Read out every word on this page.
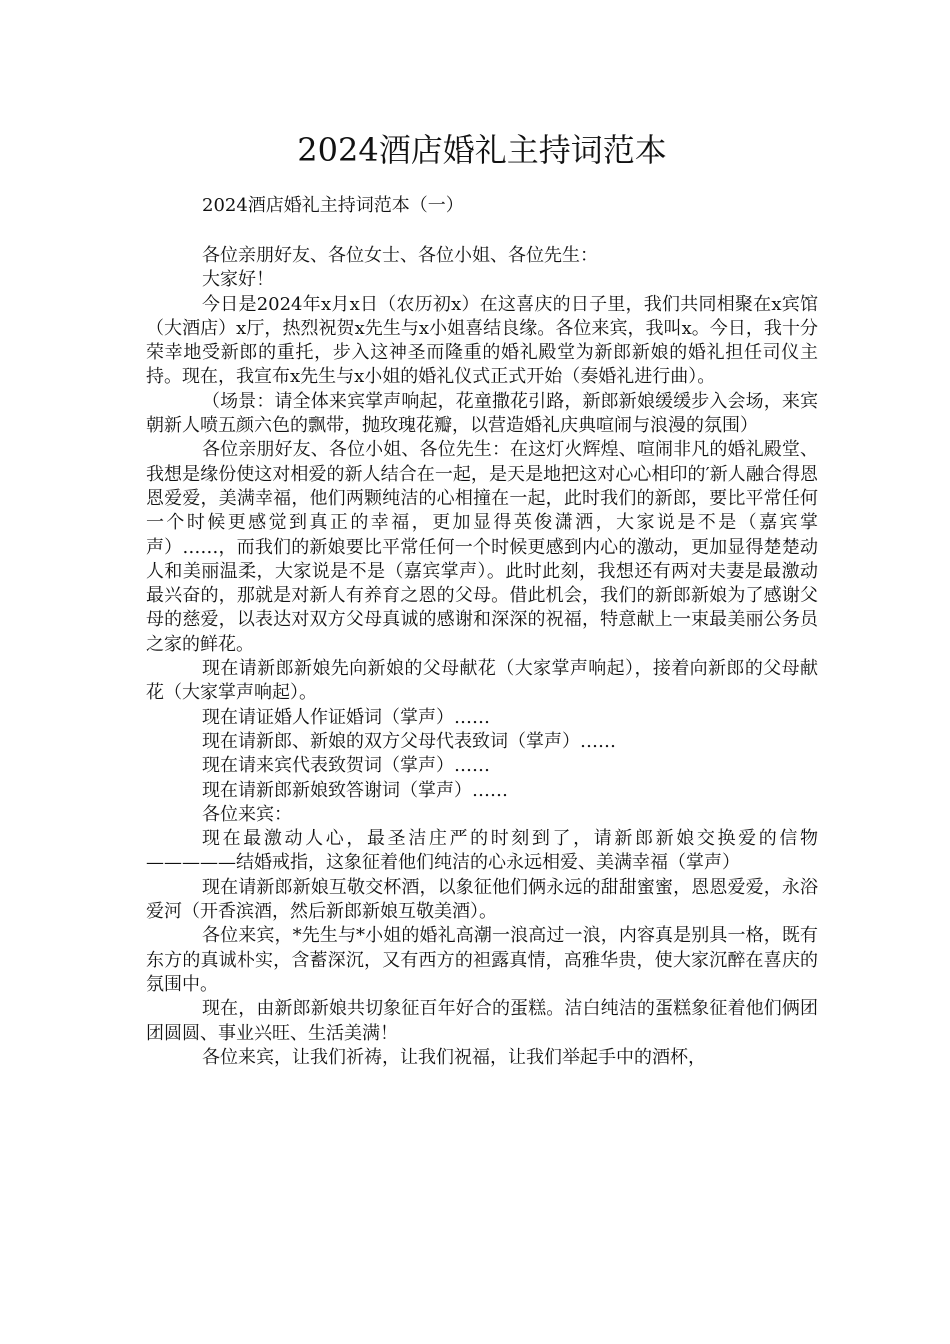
2024酒店婚礼主持词范本
2024酒店婚礼主持词范本（一）

各位亲朋好友、各位女士、各位小姐、各位先生：

大家好！

今日是2024年x月x日（农历初x）在这喜庆的日子里，我们共同相聚在x宾馆（大酒店）x厅，热烈祝贺x先生与x小姐喜结良缘。各位来宾，我叫x。今日，我十分荣幸地受新郎的重托，步入这神圣而隆重的婚礼殿堂为新郎新娘的婚礼担任司仪主持。现在，我宣布x先生与x小姐的婚礼仪式正式开始（奏婚礼进行曲）。

（场景：请全体来宾掌声响起，花童撒花引路，新郎新娘缓缓步入会场，来宾朝新人喷五颜六色的飘带，抛玫瑰花瓣，以营造婚礼庆典喧闹与浪漫的氛围）

各位亲朋好友、各位小姐、各位先生：在这灯火辉煌、喧闹非凡的婚礼殿堂、我想是缘份使这对相爱的新人结合在一起，是天是地把这对心心相印的′新人融合得恩恩爱爱，美满幸福，他们两颗纯洁的心相撞在一起，此时我们的新郎，要比平常任何一个时候更感觉到真正的幸福，更加显得英俊潇洒，大家说是不是（嘉宾掌声）……，而我们的新娘要比平常任何一个时候更感到内心的激动，更加显得楚楚动人和美丽温柔，大家说是不是（嘉宾掌声）。此时此刻，我想还有两对夫妻是最激动最兴奋的，那就是对新人有养育之恩的父母。借此机会，我们的新郎新娘为了感谢父母的慈爱，以表达对双方父母真诚的感谢和深深的祝福，特意献上一束最美丽公务员之家的鲜花。

现在请新郎新娘先向新娘的父母献花（大家掌声响起），接着向新郎的父母献花（大家掌声响起）。

现在请证婚人作证婚词（掌声）……

现在请新郎、新娘的双方父母代表致词（掌声）……

现在请来宾代表致贺词（掌声）……

现在请新郎新娘致答谢词（掌声）……

各位来宾：

现在最激动人心，最圣洁庄严的时刻到了，请新郎新娘交换爱的信物—————结婚戒指，这象征着他们纯洁的心永远相爱、美满幸福（掌声）

现在请新郎新娘互敬交杯酒，以象征他们俩永远的甜甜蜜蜜，恩恩爱爱，永浴爱河（开香滨酒，然后新郎新娘互敬美酒）。

各位来宾，*先生与*小姐的婚礼高潮一浪高过一浪，内容真是别具一格，既有东方的真诚朴实，含蓄深沉，又有西方的袒露真情，高雅华贵，使大家沉醉在喜庆的氛围中。

现在，由新郎新娘共切象征百年好合的蛋糕。洁白纯洁的蛋糕象征着他们俩团团圆圆、事业兴旺、生活美满！

各位来宾，让我们祈祷，让我们祝福，让我们举起手中的酒杯，
